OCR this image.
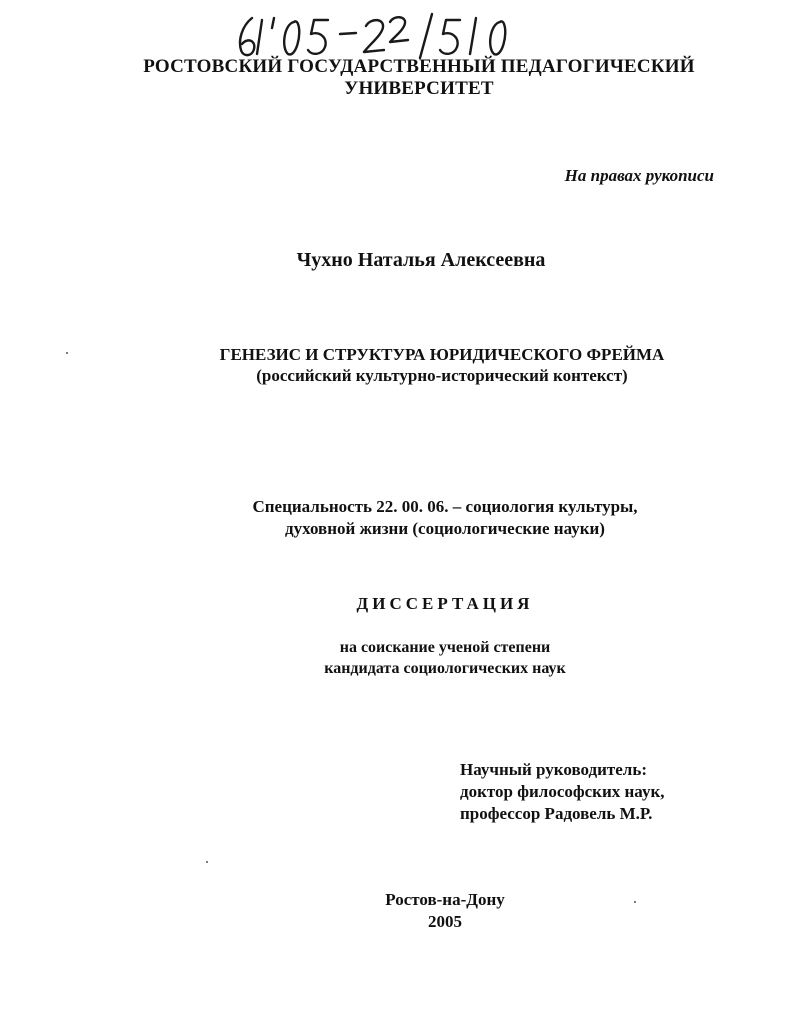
РОСТОВСКИЙ ГОСУДАРСТВЕННЫЙ ПЕДАГОГИЧЕСКИЙ
УНИВЕРСИТЕТ
На правах рукописи
Чухно Наталья Алексеевна
ГЕНЕЗИС И СТРУКТУРА ЮРИДИЧЕСКОГО ФРЕЙМА
(российский культурно-исторический контекст)
Специальность 22. 00. 06. – социология культуры,
духовной жизни (социологические науки)
ДИССЕРТАЦИЯ
на соискание ученой степени
кандидата социологических наук
Научный руководитель:
доктор философских наук,
профессор Радовель М.Р.
Ростов-на-Дону
2005
